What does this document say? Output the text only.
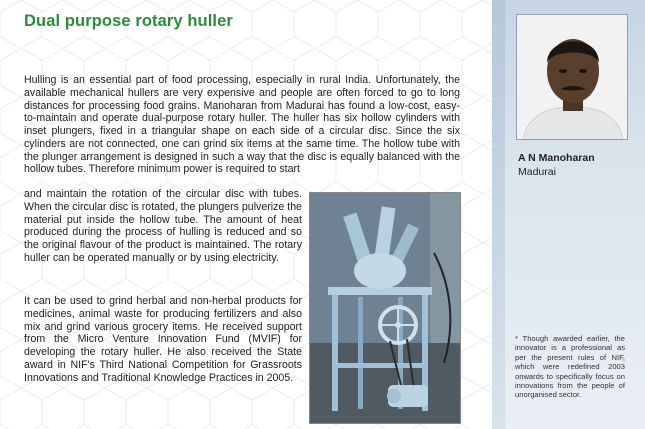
Dual purpose rotary huller

Hulling is an essential part of food processing, especially in rural India. Unfortunately, the available mechanical hullers are very expensive and people are often forced to go to long distances for processing food grains. Manoharan from Madurai has found a low-cost, easy-to-maintain and operate dual-purpose rotary huller. The huller has six hollow cylinders with inset plungers, fixed in a triangular shape on each side of a circular disc. Since the six cylinders are not connected, one can grind six items at the same time. The hollow tube with the plunger arrangement is designed in such a way that the disc is equally balanced with the hollow tubes. Therefore minimum power is required to start

and maintain the rotation of the circular disc with tubes. When the circular disc is rotated, the plungers pulverize the material put inside the hollow tube. The amount of heat produced during the process of hulling is reduced and so the original flavour of the product is maintained. The rotary huller can be operated manually or by using electricity.

It can be used to grind herbal and non-herbal products for medicines, animal waste for producing fertilizers and also mix and grind various grocery items. He received support from the Micro Venture Innovation Fund (MVIF) for developing the rotary huller. He also received the State award in NIF's Third National Competition for Grassroots Innovations and Traditional Knowledge Practices in 2005.

A N Manoharan

Madurai

* Though awarded earlier, the innovator is a professional as per the present rules of NIF, which were redefined 2003 onwards to specifically focus on innovations from the people of unorganised sector.
